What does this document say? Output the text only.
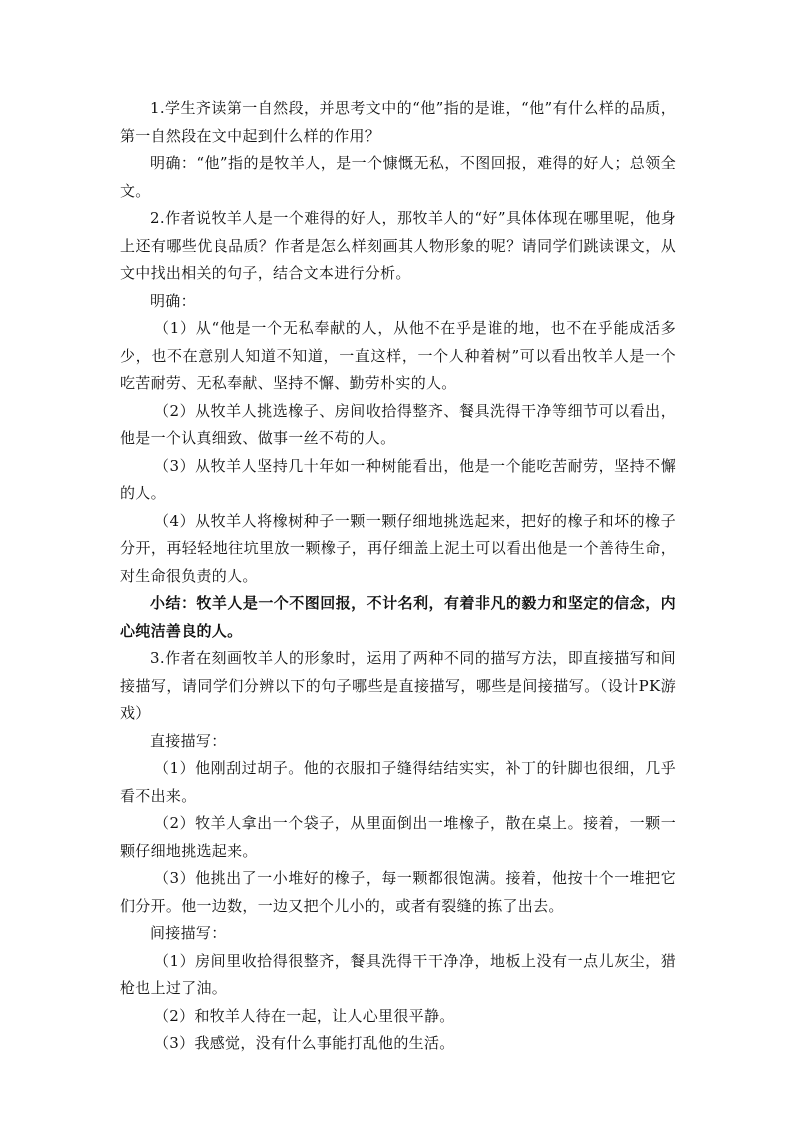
1.学生齐读第一自然段，并思考文中的“他”指的是谁，“他”有什么样的品质，第一自然段在文中起到什么样的作用？

明确：“他”指的是牧羊人，是一个慷慨无私，不图回报，难得的好人；总领全文。

2.作者说牧羊人是一个难得的好人，那牧羊人的“好”具体体现在哪里呢，他身上还有哪些优良品质？作者是怎么样刻画其人物形象的呢？请同学们跳读课文，从文中找出相关的句子，结合文本进行分析。

明确：

（1）从“他是一个无私奉献的人，从他不在乎是谁的地，也不在乎能成活多少，也不在意别人知道不知道，一直这样，一个人种着树”可以看出牧羊人是一个吃苦耐劳、无私奉献、坚持不懈、勤劳朴实的人。

（2）从牧羊人挑选橡子、房间收拾得整齐、餐具洗得干净等细节可以看出，他是一个认真细致、做事一丝不苟的人。

（3）从牧羊人坚持几十年如一种树能看出，他是一个能吃苦耐劳，坚持不懈的人。

（4）从牧羊人将橡树种子一颗一颗仔细地挑选起来，把好的橡子和坏的橡子分开，再轻轻地往坑里放一颗橡子，再仔细盖上泥土可以看出他是一个善待生命，对生命很负责的人。

小结：牧羊人是一个不图回报，不计名利，有着非凡的毅力和坚定的信念，内心纯洁善良的人。

3.作者在刻画牧羊人的形象时，运用了两种不同的描写方法，即直接描写和间接描写，请同学们分辨以下的句子哪些是直接描写，哪些是间接描写。（设计PK游戏）

直接描写：

（1）他刚刮过胡子。他的衣服扣子缝得结结实实，补丁的针脚也很细，几乎看不出来。

（2）牧羊人拿出一个袋子，从里面倒出一堆橡子，散在桌上。接着，一颗一颗仔细地挑选起来。

（3）他挑出了一小堆好的橡子，每一颗都很饱满。接着，他按十个一堆把它们分开。他一边数，一边又把个儿小的，或者有裂缝的拣了出去。

间接描写：

（1）房间里收拾得很整齐，餐具洗得干干净净，地板上没有一点儿灰尘，猎枪也上过了油。

（2）和牧羊人待在一起，让人心里很平静。

（3）我感觉，没有什么事能打乱他的生活。
